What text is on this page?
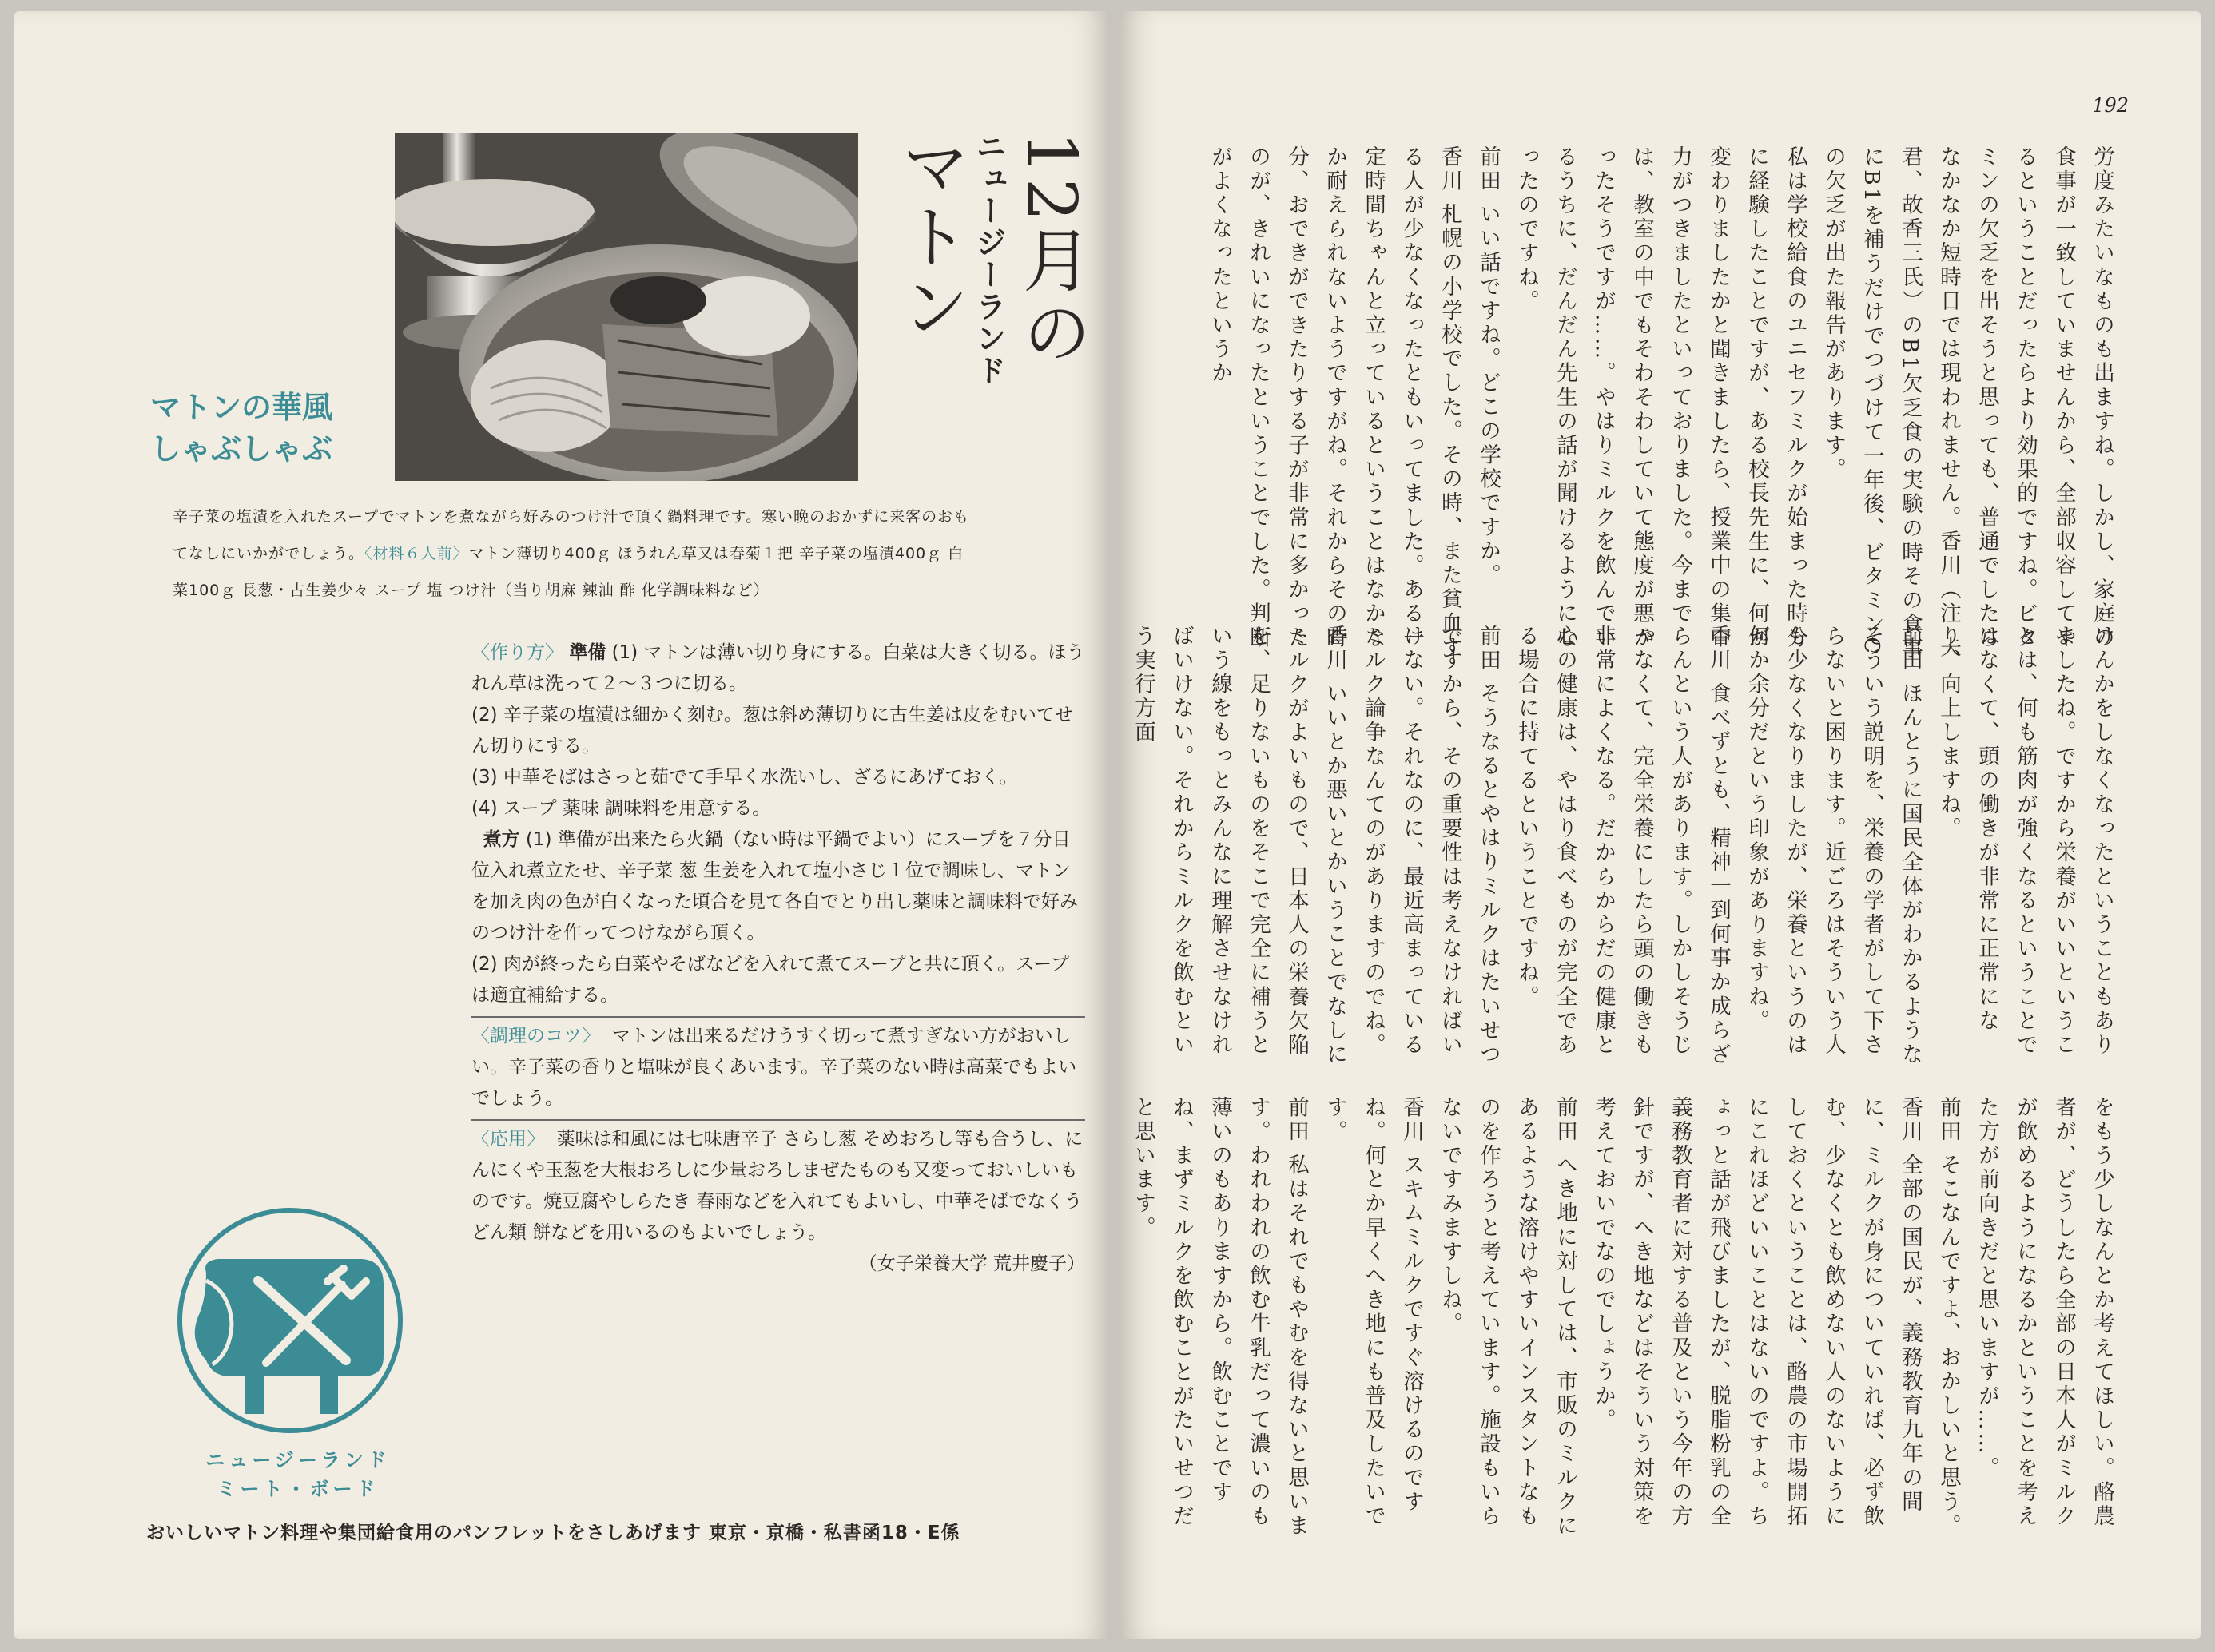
12月の
ニュージーランド
マトン
マトンの華風
しゃぶしゃぶ
辛子菜の塩漬を入れたスープでマトンを煮ながら好みのつけ汁で頂く鍋料理です。寒い晩のおかずに来客のおも
てなしにいかがでしょう。〈材料６人前〉マトン薄切り400ｇ ほうれん草又は春菊１把 辛子菜の塩漬400ｇ 白
菜100ｇ 長葱・古生姜少々 スープ 塩 つけ汁（当り胡麻 辣油 酢 化学調味料など）

〈作り方〉 準備 (1) マトンは薄い切り身にする。白菜は大きく切る。ほうれん草は洗って２〜３つに切る。

(2) 辛子菜の塩漬は細かく刻む。葱は斜め薄切りに古生姜は皮をむいてせん切りにする。

(3) 中華そばはさっと茹でて手早く水洗いし、ざるにあげておく。

(4) スープ 薬味 調味料を用意する。

煮方 (1) 準備が出来たら火鍋（ない時は平鍋でよい）にスープを７分目位入れ煮立たせ、辛子菜 葱 生姜を入れて塩小さじ１位で調味し、マトンを加え肉の色が白くなった頃合を見て各自でとり出し薬味と調味料で好みのつけ汁を作ってつけながら頂く。

(2) 肉が終ったら白菜やそばなどを入れて煮てスープと共に頂く。スープは適宜補給する。

〈調理のコツ〉 マトンは出来るだけうすく切って煮すぎない方がおいしい。辛子菜の香りと塩味が良くあいます。辛子菜のない時は高菜でもよいでしょう。

〈応用〉 薬味は和風には七味唐辛子 さらし葱 そめおろし等も合うし、にんにくや玉葱を大根おろしに少量おろしまぜたものも又変っておいしいものです。焼豆腐やしらたき 春雨などを入れてもよいし、中華そばでなくうどん類 餅などを用いるのもよいでしょう。

（女子栄養大学 荒井慶子）

ニュージーランド
ミート・ボード
おいしいマトン料理や集団給食用のパンフレットをさしあげます 東京・京橋・私書函18・E係
192

労度みたいなものも出ますね。しかし、家庭の食事が一致していませんから、全部収容してやるということだったらより効果的ですね。ビタミンの欠乏を出そうと思っても、普通でしたらなかなか短時日では現われません。香川（注 夫君、故香三氏）のB1欠乏食の実験の時その食事にB1を補うだけでつづけて一年後、ビタミンCの欠乏が出た報告があります。

私は学校給食のユニセフミルクが始まった時分に経験したことですが、ある校長先生に、何が変わりましたかと聞きましたら、授業中の集中力がつきましたといっておりました。今までは、教室の中でもそわそわしていて態度が悪かったそうですが……。やはりミルクを飲んでいるうちに、だんだん先生の話が聞けるようになったのですね。

前田 いい話ですね。どこの学校ですか。

香川 札幌の小学校でした。その時、また貧血する人が少なくなったともいってました。ある一定時間ちゃんと立っているということはなかなか耐えられないようですがね。それからその時分、おできができたりする子が非常に多かったのが、きれいになったということでした。判断がよくなったというか

けんかをしなくなったということもありましたね。ですから栄養がいいということは、何も筋肉が強くなるということではなくて、頭の働きが非常に正常になり、向上しますね。

前田 ほんとうに国民全体がわかるようなそういう説明を、栄養の学者がして下さらないと困ります。近ごろはそういう人も少なくなりましたが、栄養というのは何か余分だという印象がありますね。

香川 食べずとも、精神一到何事か成らざらんという人があります。しかしそうじゃなくて、完全栄養にしたら頭の働きも非常によくなる。だからからだの健康と心の健康は、やはり食べものが完全である場合に持てるということですね。

前田 そうなるとやはりミルクはたいせつですから、その重要性は考えなければいけない。それなのに、最近高まっているミルク論争なんてのがありますのでね。

香川 いいとか悪いとかいうことでなしにミルクがよいもので、日本人の栄養欠陥を、足りないものをそこで完全に補うという線をもっとみんなに理解させなければいけない。それからミルクを飲むという実行方面

をもう少しなんとか考えてほしい。酪農者が、どうしたら全部の日本人がミルクが飲めるようになるかということを考えた方が前向きだと思いますが……。

前田 そこなんですよ、おかしいと思う。

香川 全部の国民が、義務教育九年の間に、ミルクが身についていれば、必ず飲む、少なくとも飲めない人のないようにしておくということは、酪農の市場開拓にこれほどいいことはないのですよ。ちょっと話が飛びましたが、脱脂粉乳の全義務教育者に対する普及という今年の方針ですが、へき地などはそういう対策を考えておいでなのでしょうか。

前田 へき地に対しては、市販のミルクにあるような溶けやすいインスタントなものを作ろうと考えています。施設もいらないですみますしね。

香川 スキムミルクですぐ溶けるのですね。何とか早くへき地にも普及したいです。

前田 私はそれでもやむを得ないと思います。われわれの飲む牛乳だって濃いのも薄いのもありますから。飲むことですね、まずミルクを飲むことがたいせつだと思います。
